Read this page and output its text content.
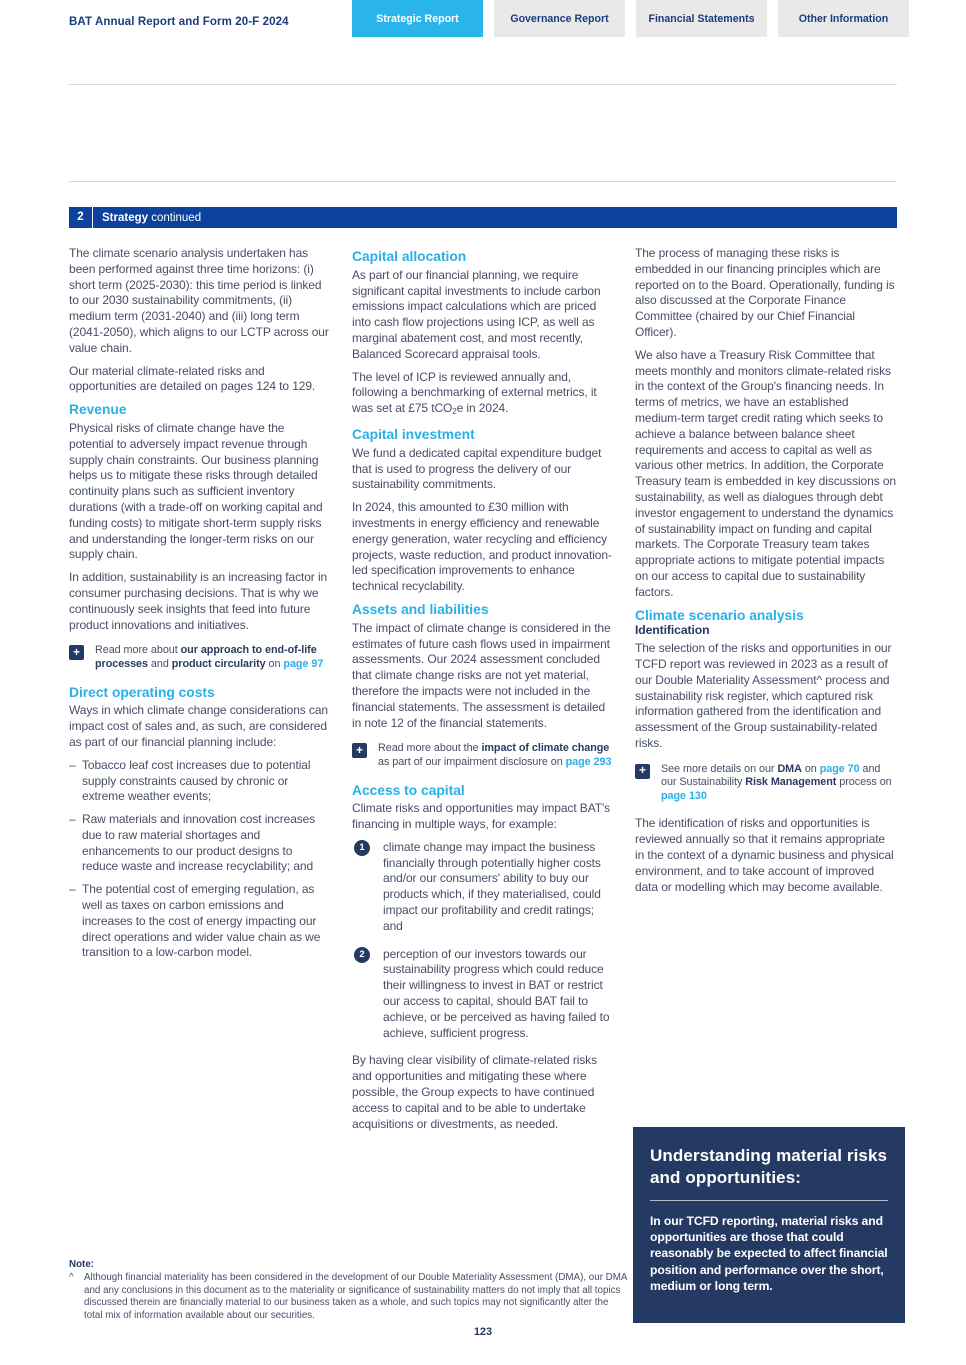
BAT Annual Report and Form 20-F 2024	Strategic Report	Governance Report	Financial Statements	Other Information
2	Strategy continued

The climate scenario analysis undertaken has been performed against three time horizons: (i) short term (2025-2030): this time period is linked to our 2030 sustainability commitments, (ii) medium term (2031-2040) and (iii) long term (2041-2050), which aligns to our LCTP across our value chain.

Our material climate-related risks and opportunities are detailed on pages 124 to 129.

Revenue

Physical risks of climate change have the potential to adversely impact revenue through supply chain constraints. Our business planning helps us to mitigate these risks through detailed continuity plans such as sufficient inventory durations (with a trade-off on working capital and funding costs) to mitigate short-term supply risks and understanding the longer-term risks on our supply chain.

In addition, sustainability is an increasing factor in consumer purchasing decisions. That is why we continuously seek insights that feed into future product innovations and initiatives.

+	Read more about our approach to end-of-life processes and product circularity on page 97
Direct operating costs

Ways in which climate change considerations can impact cost of sales and, as such, are considered as part of our financial planning include:

– Tobacco leaf cost increases due to potential supply constraints caused by chronic or extreme weather events;
– Raw materials and innovation cost increases due to raw material shortages and enhancements to our product designs to reduce waste and increase recyclability; and
– The potential cost of emerging regulation, as well as taxes on carbon emissions and increases to the cost of energy impacting our direct operations and wider value chain as we transition to a low-carbon model.
Capital allocation

As part of our financial planning, we require significant capital investments to include carbon emissions impact calculations which are priced into cash flow projections using ICP, as well as marginal abatement cost, and most recently, Balanced Scorecard appraisal tools.

The level of ICP is reviewed annually and, following a benchmarking of external metrics, it was set at £75 tCO$_2$e in 2024.

Capital investment

We fund a dedicated capital expenditure budget that is used to progress the delivery of our sustainability commitments.

In 2024, this amounted to £30 million with investments in energy efficiency and renewable energy generation, water recycling and efficiency projects, waste reduction, and product innovation-led specification improvements to enhance technical recyclability.

Assets and liabilities

The impact of climate change is considered in the estimates of future cash flows used in impairment assessments. Our 2024 assessment concluded that climate change risks are not yet material, therefore the impacts were not included in the financial statements. The assessment is detailed in note 12 of the financial statements.

+	Read more about the impact of climate change as part of our impairment disclosure on page 293
Access to capital

Climate risks and opportunities may impact BAT's financing in multiple ways, for example:

1	climate change may impact the business financially through potentially higher costs and/or our consumers' ability to buy our products which, if they materialised, could impact our profitability and credit ratings; and
2	perception of our investors towards our sustainability progress which could reduce their willingness to invest in BAT or restrict our access to capital, should BAT fail to achieve, or be perceived as having failed to achieve, sufficient progress.

By having clear visibility of climate-related risks and opportunities and mitigating these where possible, the Group expects to have continued access to capital and to be able to undertake acquisitions or divestments, as needed.

The process of managing these risks is embedded in our financing principles which are reported on to the Board. Operationally, funding is also discussed at the Corporate Finance Committee (chaired by our Chief Financial Officer).

We also have a Treasury Risk Committee that meets monthly and monitors climate-related risks in the context of the Group's financing needs. In terms of metrics, we have an established medium-term target credit rating which seeks to achieve a balance between balance sheet requirements and access to capital as well as various other metrics. In addition, the Corporate Treasury team is embedded in key discussions on sustainability, as well as dialogues through debt investor engagement to understand the dynamics of sustainability impact on funding and capital markets. The Corporate Treasury team takes appropriate actions to mitigate potential impacts on our access to capital due to sustainability factors.

Climate scenario analysis
Identification

The selection of the risks and opportunities in our TCFD report was reviewed in 2023 as a result of our Double Materiality Assessment^ process and sustainability risk register, which captured risk information gathered from the identification and assessment of the Group sustainability-related risks.

+	See more details on our DMA on page 70 and our Sustainability Risk Management process on page 130

The identification of risks and opportunities is reviewed annually so that it remains appropriate in the context of a dynamic business and physical environment, and to take account of improved data or modelling which may become available.

Understanding material risks and opportunities:
In our TCFD reporting, material risks and opportunities are those that could reasonably be expected to affect financial position and performance over the short, medium or long term.
Note:
^ Although financial materiality has been considered in the development of our Double Materiality Assessment (DMA), our DMA and any conclusions in this document as to the materiality or significance of sustainability matters do not imply that all topics discussed therein are financially material to our business taken as a whole, and such topics may not significantly alter the total mix of information available about our securities.
123
